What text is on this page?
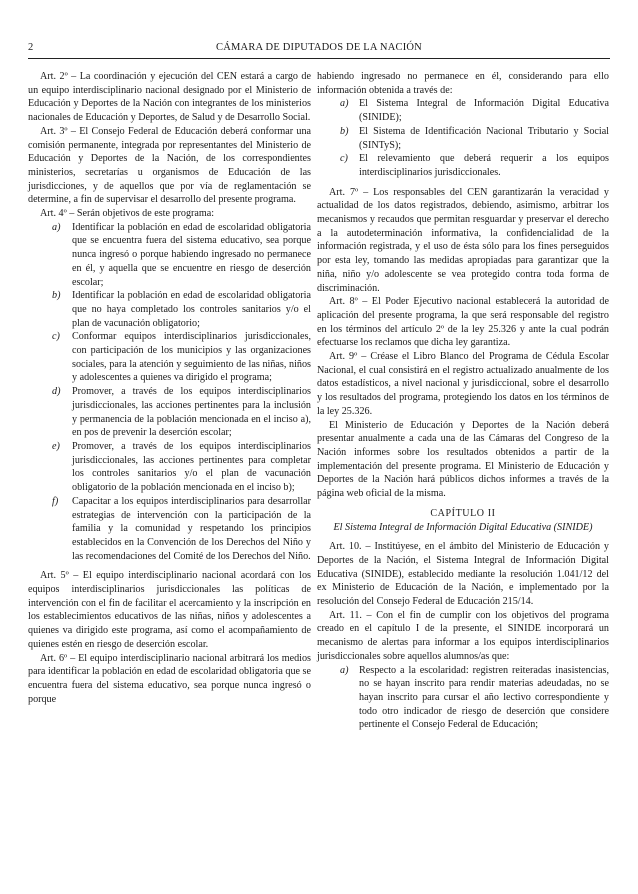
2	CÁMARA DE DIPUTADOS DE LA NACIÓN

Art. 2º – La coordinación y ejecución del CEN estará a cargo de un equipo interdisciplinario nacional designado por el Ministerio de Educación y Deportes de la Nación con integrantes de los ministerios nacionales de Educación y Deportes, de Salud y de Desarrollo Social.

Art. 3º – El Consejo Federal de Educación deberá conformar una comisión permanente, integrada por representantes del Ministerio de Educación y Deportes de la Nación, de los correspondientes ministerios, secretarías u organismos de Educación de las jurisdicciones, y de aquellos que por vía de reglamentación se determine, a fin de supervisar el desarrollo del presente programa.

Art. 4º – Serán objetivos de este programa:

a) Identificar la población en edad de escolaridad obligatoria que se encuentra fuera del sistema educativo, sea porque nunca ingresó o porque habiendo ingresado no permanece en él, y aquella que se encuentre en riesgo de deserción escolar;
b) Identificar la población en edad de escolaridad obligatoria que no haya completado los controles sanitarios y/o el plan de vacunación obligatorio;
c) Conformar equipos interdisciplinarios jurisdiccionales, con participación de los municipios y las organizaciones sociales, para la atención y seguimiento de las niñas, niños y adolescentes a quienes va dirigido el programa;
d) Promover, a través de los equipos interdisciplinarios jurisdiccionales, las acciones pertinentes para la inclusión y permanencia de la población mencionada en el inciso a), en pos de prevenir la deserción escolar;
e) Promover, a través de los equipos interdisciplinarios jurisdiccionales, las acciones pertinentes para completar los controles sanitarios y/o el plan de vacunación obligatorio de la población mencionada en el inciso b);
f) Capacitar a los equipos interdisciplinarios para desarrollar estrategias de intervención con la participación de la familia y la comunidad y respetando los principios establecidos en la Convención de los Derechos del Niño y las recomendaciones del Comité de los Derechos del Niño.

Art. 5º – El equipo interdisciplinario nacional acordará con los equipos interdisciplinarios jurisdiccionales las políticas de intervención con el fin de facilitar el acercamiento y la inscripción en los establecimientos educativos de las niñas, niños y adolescentes a quienes va dirigido este programa, así como el acompañamiento de quienes estén en riesgo de deserción escolar.

Art. 6º – El equipo interdisciplinario nacional arbitrará los medios para identificar la población en edad de escolaridad obligatoria que se encuentra fuera del sistema educativo, sea porque nunca ingresó o porque

habiendo ingresado no permanece en él, considerando para ello información obtenida a través de:

a) El Sistema Integral de Información Digital Educativa (SINIDE);
b) El Sistema de Identificación Nacional Tributario y Social (SINTyS);
c) El relevamiento que deberá requerir a los equipos interdisciplinarios jurisdiccionales.

Art. 7º – Los responsables del CEN garantizarán la veracidad y actualidad de los datos registrados, debiendo, asimismo, arbitrar los mecanismos y recaudos que permitan resguardar y preservar el derecho a la autodeterminación informativa, la confidencialidad de la información registrada, y el uso de ésta sólo para los fines perseguidos por esta ley, tomando las medidas apropiadas para garantizar que la niña, niño y/o adolescente se vea protegido contra toda forma de discriminación.

Art. 8º – El Poder Ejecutivo nacional establecerá la autoridad de aplicación del presente programa, la que será responsable del registro en los términos del artículo 2º de la ley 25.326 y ante la cual podrán efectuarse los reclamos que dicha ley garantiza.

Art. 9º – Créase el Libro Blanco del Programa de Cédula Escolar Nacional, el cual consistirá en el registro actualizado anualmente de los datos estadísticos, a nivel nacional y jurisdiccional, sobre el desarrollo y los resultados del programa, protegiendo los datos en los términos de la ley 25.326.

El Ministerio de Educación y Deportes de la Nación deberá presentar anualmente a cada una de las Cámaras del Congreso de la Nación informes sobre los resultados obtenidos a partir de la implementación del presente programa. El Ministerio de Educación y Deportes de la Nación hará públicos dichos informes a través de la página web oficial de la misma.

CAPÍTULO II
El Sistema Integral de Información Digital Educativa (SINIDE)

Art. 10. – Institúyese, en el ámbito del Ministerio de Educación y Deportes de la Nación, el Sistema Integral de Información Digital Educativa (SINIDE), establecido mediante la resolución 1.041/12 del ex Ministerio de Educación de la Nación, e implementado por la resolución del Consejo Federal de Educación 215/14.

Art. 11. – Con el fin de cumplir con los objetivos del programa creado en el capítulo I de la presente, el SINIDE incorporará un mecanismo de alertas para informar a los equipos interdisciplinarios jurisdiccionales sobre aquellos alumnos/as que:

a) Respecto a la escolaridad: registren reiteradas inasistencias, no se hayan inscrito para rendir materias adeudadas, no se hayan inscrito para cursar el año lectivo correspondiente y todo otro indicador de riesgo de deserción que considere pertinente el Consejo Federal de Educación;
